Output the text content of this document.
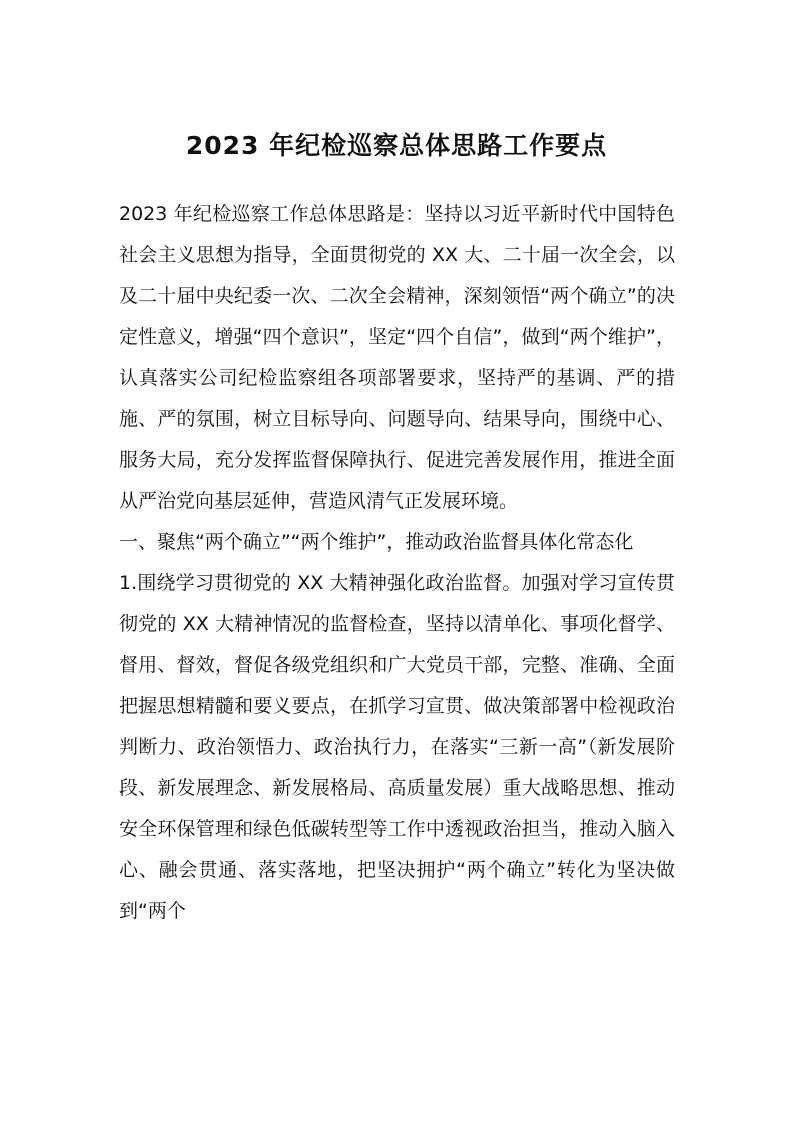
2023 年纪检巡察总体思路工作要点

2023 年纪检巡察工作总体思路是：坚持以习近平新时代中国特色社会主义思想为指导，全面贯彻党的 XX 大、二十届一次全会，以及二十届中央纪委一次、二次全会精神，深刻领悟“两个确立”的决定性意义，增强“四个意识”，坚定“四个自信”，做到“两个维护”，认真落实公司纪检监察组各项部署要求，坚持严的基调、严的措施、严的氛围，树立目标导向、问题导向、结果导向，围绕中心、服务大局，充分发挥监督保障执行、促进完善发展作用，推进全面从严治党向基层延伸，营造风清气正发展环境。

一、聚焦“两个确立”“两个维护”，推动政治监督具体化常态化

1.围绕学习贯彻党的 XX 大精神强化政治监督。加强对学习宣传贯彻党的 XX 大精神情况的监督检查，坚持以清单化、事项化督学、督用、督效，督促各级党组织和广大党员干部，完整、准确、全面把握思想精髓和要义要点，在抓学习宣贯、做决策部署中检视政治判断力、政治领悟力、政治执行力，在落实“三新一高”（新发展阶段、新发展理念、新发展格局、高质量发展）重大战略思想、推动安全环保管理和绿色低碳转型等工作中透视政治担当，推动入脑入心、融会贯通、落实落地，把坚决拥护“两个确立”转化为坚决做到“两个
